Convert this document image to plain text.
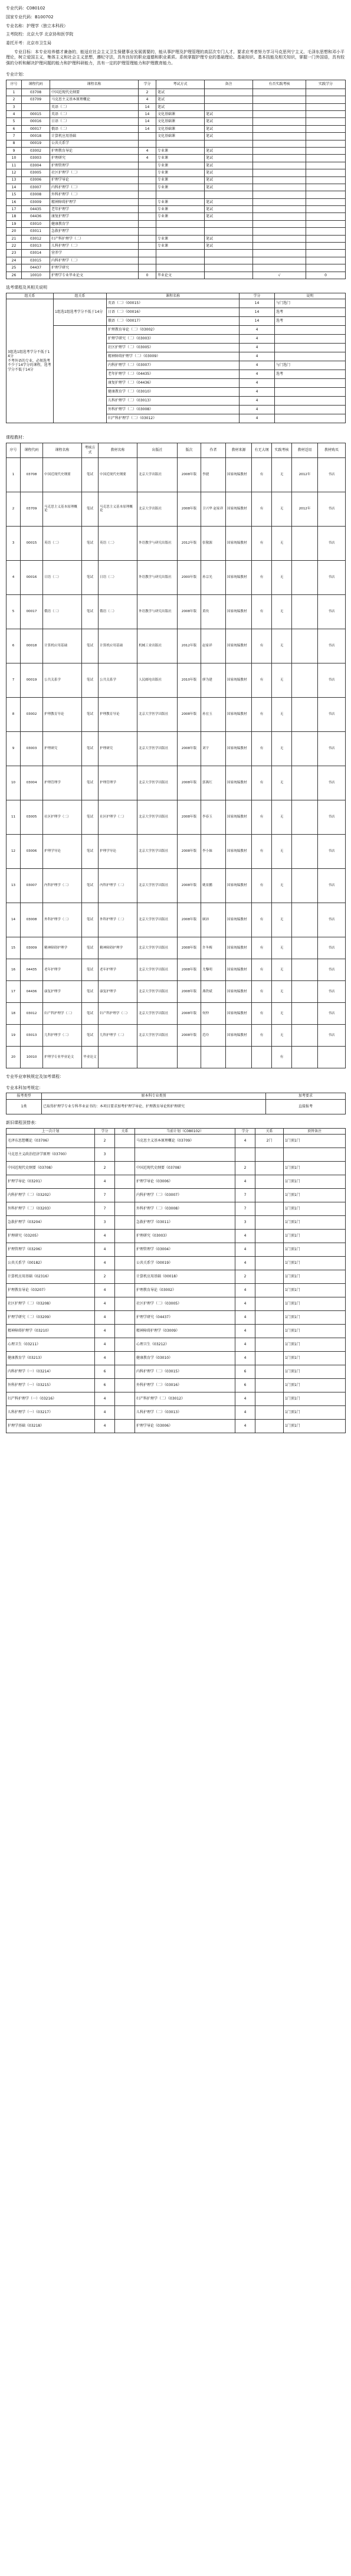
专业代码：C080102
国家专业代码：B100702
专业名称：护理学（独立本科段）
主考院校：北京大学 北京协和医学院
委托开考：北京市卫生局

专业目标：本专业培养德才兼备的，能适应社会主义卫生保健事业发展需要的，能从事护理及护理管理的高层次专门人才。要求应考者努力学习马克思列宁主义、毛泽东思想和邓小平理论，树立爱国主义，集体主义和社会主义思想，遵纪守法，具有良好的职业道德和职业素质。系统掌握护理专业的基础理论、基础知识、基本技能及相关知识，掌握一门外国语，具有较强的分析和解决护理问题的能力和护理科研能力，具有一定的护理管理能力和护理教育能力。

专业计划：
序号	课程代码	课程名称	学分	考试方式	备注	有否实践考核	实践学分
1	03708	中国近现代史纲要	2	笔试			
2	03709	马克思主义基本原理概论	4	笔试			
3		英语（二）	14	笔试			
4	00015	英语（二）	14	文化基础课	笔试		
5	00016	日语（二）	14	文化基础课	笔试		
6	00017	俄语（二）	14	文化基础课	笔试		
7	00018	计算机应用基础		文化基础课	笔试		
8	00019	公共关系学					
9	03002	护理教育导论	4	专业课	笔试		
10	03003	护理研究	4	专业课	笔试		
11	03004	护理管理学		专业课	笔试		
12	03005	社区护理学（二）		专业课	笔试		
13	03006	护理学导论		专业课	笔试		
14	03007	内科护理学（二）		专业课	笔试		
15	03008	外科护理学（二）					
16	03009	精神障碍护理学		专业课	笔试		
17	04435	老年护理学		专业课	笔试		
18	04436	康复护理学		专业课	笔试		
19	03010	健康教育学					
20	03011	急救护理学					
21	03012	妇产科护理学（二）		专业课	笔试		
22	03013	儿科护理学（二）		专业课	笔试		
23	03014	营养学					
24	03015	内科护理学（二）					
25	04437	护理学研究					
26	10010	护理学专业毕业论文	0	毕业论文		√	0
选考课程及其相关说明
组关系	组关系	课程名称	学分	说明
3组选1组选考学分不低于14分
不考外语的专业，必须选考不少于14学分的课程，选考学分不低于14分	1组选1组选考学分不低于14分	英语（二）《00015》	14	与门选门
		日语（二）《00016》	14	选考
		俄语（二）《00017》	14	选考
		护理教育导论（二）《03002》	4	
		护理学研究（二）《03003》	4	
		社区护理学（二）《03005》	4	
		精神障碍护理学（二）《03009》	4	
		内科护理学（二）《03007》	4	与门选门
		老年护理学（二）《04435》	4	选考
		康复护理学（二）《04436》	4	
		健康教育学（二）《03010》	4	
		儿科护理学（二）《03013》	4	
		外科护理学（二）《03008》	4	
		妇产科护理学（二）《03012》	4	
课程教材：
序号	课程代码	课程名称	考核方式	教材名称	出版社	版次	作者	教材来源	有无大纲	实践考核	教材适用	教材购买
1	03708	中国近现代史纲要	笔试	中国近现代史纲要	北京大学出版社	2008年版	李捷	国家统编教材	有	无	2012年	书店
2	03709	马克思主义基本原理概论	笔试	马克思主义基本原理概论	北京大学出版社	2008年版	卫兴华 赵家祥	国家统编教材	有	无	2012年	书店
3	00015	英语（二）	笔试	英语（二）	外语教学与研究出版社	2012年版	张敬源	国家统编教材	有	无		书店
4	00016	日语（二）	笔试	日语（二）	外语教学与研究出版社	2000年版	孙宗光	国家统编教材	有	无		书店
5	00017	俄语（二）	笔试	俄语（二）	外语教学与研究出版社	2008年版	黄玫	国家统编教材	有	无		书店
6	00018	计算机应用基础	笔试	计算机应用基础	机械工业出版社	2012年版	赵家祥	国家统编教材	有	无		书店
7	00019	公共关系学	笔试	公共关系学	人民邮电出版社	2010年版	廖为建	国家统编教材	有	无		书店
8	03002	护理教育导论	笔试	护理教育导论	北京大学医学出版社	2008年版	孙宏玉	国家统编教材	有	无		书店
9	03003	护理研究	笔试	护理研究	北京大学医学出版社	2008年版	刘宇	国家统编教材	有	无		书店
10	03004	护理管理学	笔试	护理管理学	北京大学医学出版社	2008年版	郭燕红	国家统编教材	有	无		书店
11	03005	社区护理学（二）	笔试	社区护理学（二）	北京大学医学出版社	2008年版	李春玉	国家统编教材	有	无		书店
12	03006	护理学导论	笔试	护理学导论	北京大学医学出版社	2008年版	李小妹	国家统编教材	有	无		书店
13	03007	内科护理学（二）	笔试	内科护理学（二）	北京大学医学出版社	2008年版	姚景鹏	国家统编教材	有	无		书店
14	03008	外科护理学（二）	笔试	外科护理学（二）	北京大学医学出版社	2008年版	顾沛	国家统编教材	有	无		书店
15	03009	精神障碍护理学	笔试	精神障碍护理学	北京大学医学出版社	2008年版	许冬梅	国家统编教材	有	无		书店
16	04435	老年护理学	笔试	老年护理学	北京大学医学出版社	2008年版	尤黎明	国家统编教材	有	无		书店
17	04436	康复护理学	笔试	康复护理学	北京大学医学出版社	2008年版	燕铁斌	国家统编教材	有	无		书店
18	03012	妇产科护理学（二）	笔试	妇产科护理学（二）	北京大学医学出版社	2008年版	何仲	国家统编教材	有	无		书店
19	03013	儿科护理学（二）	笔试	儿科护理学（二）	北京大学医学出版社	2008年版	范玲	国家统编教材	有	无		书店
20	10010	护理学专业毕业论文	毕业论文							有		
专业毕业审核规定及加考课程：
专业本科加考规定：
报考类型	原本科专业类别	加考要求
1类	已取得护理学专业专科毕业证书的：本项目要求加考护理学导论、护理教育导论和护理研究	直接报考
新旧课程顶替表：
上一次计划	学分	关系	当前计划（C080102）	学分	关系	顶替备注
毛泽东思想概论《03706》	2		马克思主义基本原理概论《03709》	4	2门	1门顶1门
马克思主义政治经济学原理《03700》	3					
中国近现代史纲要《03708》	2		中国近现代史纲要《03708》	2		1门顶1门
护理学导论《03201》	4		护理学导论《03006》	4		1门顶1门
内科护理学（二）《03202》	7		内科护理学（二）《03007》	7		1门顶1门
外科护理学（二）《03203》	7		外科护理学（二）《03008》	7		1门顶1门
急救护理学《03204》	3		急救护理学《03011》	3		1门顶1门
护理研究《03205》	4		护理研究《03003》	4		1门顶1门
护理管理学《03206》	4		护理管理学《03004》	4		1门顶1门
公共关系学《00182》	4		公共关系学《00019》	4		1门顶1门
计算机应用基础《02316》	2		计算机应用基础《00018》	2		1门顶1门
护理教育导论《03207》	4		护理教育导论《03002》	4		1门顶1门
社区护理学（二）《03208》	4		社区护理学（二）《03005》	4		1门顶1门
护理学研究（二）《03209》	4		护理学研究《04437》	4		1门顶1门
精神障碍护理学《03210》	4		精神障碍护理学《03009》	4		1门顶1门
心理卫生《03211》	4		心理卫生《03212》	4		1门顶1门
健康教育学《03213》	4		健康教育学《03010》	4		1门顶1门
内科护理学（一）《03214》	6		内科护理学（二）《03015》	6		1门顶1门
外科护理学（一）《03215》	6		外科护理学（二）《03016》	6		1门顶1门
妇产科护理学（一）《03216》	4		妇产科护理学（二）《03012》	4		1门顶1门
儿科护理学（一）《03217》	4		儿科护理学（二）《03013》	4		1门顶1门
护理学基础《03218》	4		护理学导论《03006》	4		1门顶1门
